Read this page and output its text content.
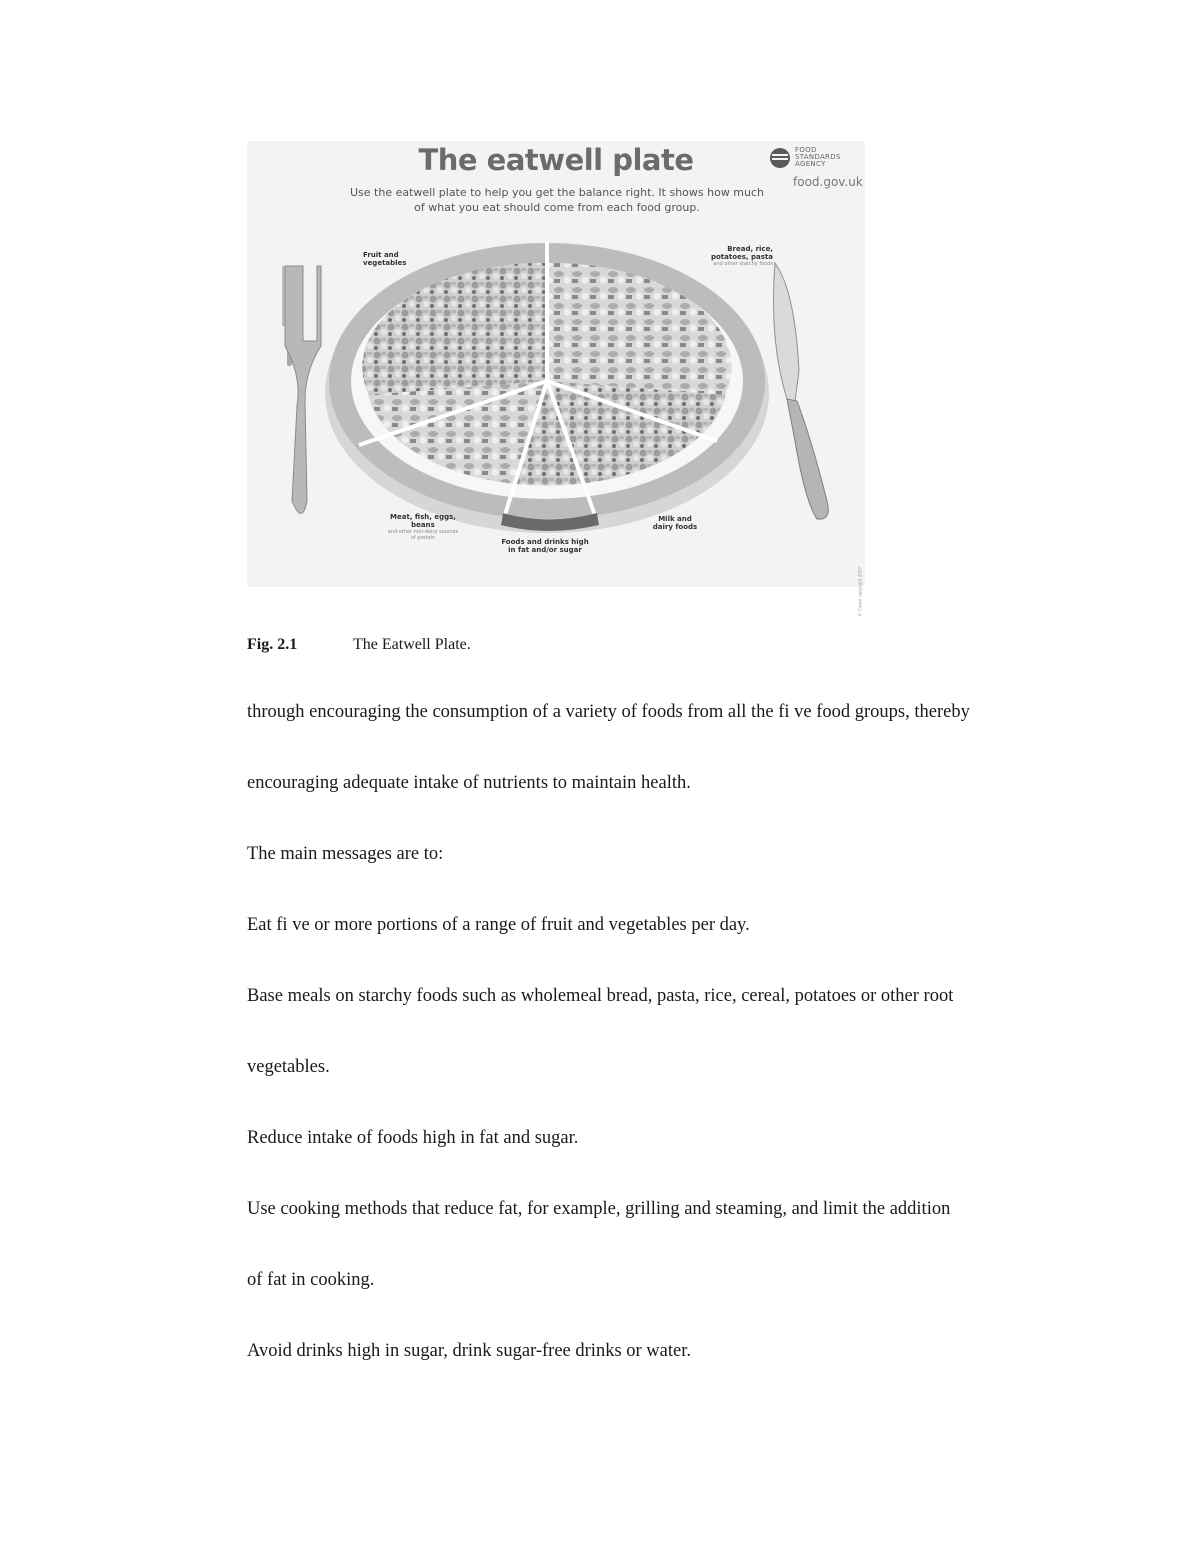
The eatwell plate
Use the eatwell plate to help you get the balance right. It shows how much of what you eat should come from each food group.
FOOD STANDARDS AGENCY
food.gov.uk
Fruit and vegetables
Bread, rice, potatoes, pasta
and other starchy foods
Meat, fish, eggs, beans
and other non-dairy sources of protein	Foods and drinks high in fat and/or sugar
Milk and dairy foods
© Crown copyright 2007
Fig. 2.1	The Eatwell Plate.
through encouraging the consumption of a variety of foods from all the fi ve food groups, thereby
encouraging adequate intake of nutrients to maintain health.
The main messages are to:
Eat fi ve or more portions of a range of fruit and vegetables per day.
Base meals on starchy foods such as wholemeal bread, pasta, rice, cereal, potatoes or other root
vegetables.
Reduce intake of foods high in fat and sugar.
Use cooking methods that reduce fat, for example, grilling and steaming, and limit the addition
of fat in cooking.
Avoid drinks high in sugar, drink sugar-free drinks or water.
